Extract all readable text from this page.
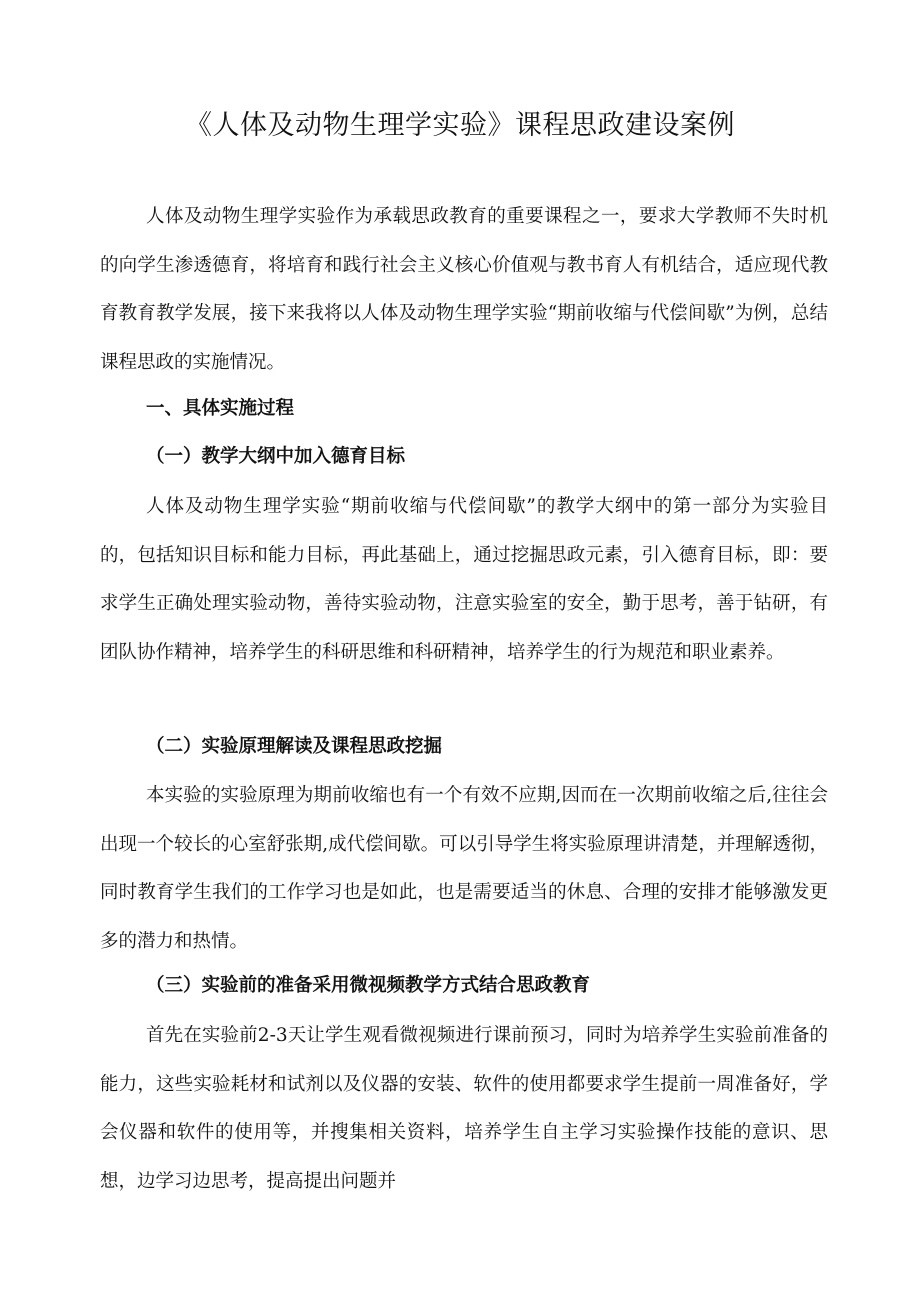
《人体及动物生理学实验》课程思政建设案例

人体及动物生理学实验作为承载思政教育的重要课程之一，要求大学教师不失时机的向学生渗透德育，将培育和践行社会主义核心价值观与教书育人有机结合，适应现代教育教育教学发展，接下来我将以人体及动物生理学实验“期前收缩与代偿间歇”为例，总结课程思政的实施情况。

一、具体实施过程

（一）教学大纲中加入德育目标

人体及动物生理学实验“期前收缩与代偿间歇”的教学大纲中的第一部分为实验目的，包括知识目标和能力目标，再此基础上，通过挖掘思政元素，引入德育目标，即：要求学生正确处理实验动物，善待实验动物，注意实验室的安全，勤于思考，善于钻研，有团队协作精神，培养学生的科研思维和科研精神，培养学生的行为规范和职业素养。

（二）实验原理解读及课程思政挖掘

本实验的实验原理为期前收缩也有一个有效不应期,因而在一次期前收缩之后,往往会出现一个较长的心室舒张期,成代偿间歇。可以引导学生将实验原理讲清楚，并理解透彻，同时教育学生我们的工作学习也是如此，也是需要适当的休息、合理的安排才能够激发更多的潜力和热情。

（三）实验前的准备采用微视频教学方式结合思政教育

首先在实验前2-3天让学生观看微视频进行课前预习，同时为培养学生实验前准备的能力，这些实验耗材和试剂以及仪器的安装、软件的使用都要求学生提前一周准备好，学会仪器和软件的使用等，并搜集相关资料，培养学生自主学习实验操作技能的意识、思想，边学习边思考，提高提出问题并
